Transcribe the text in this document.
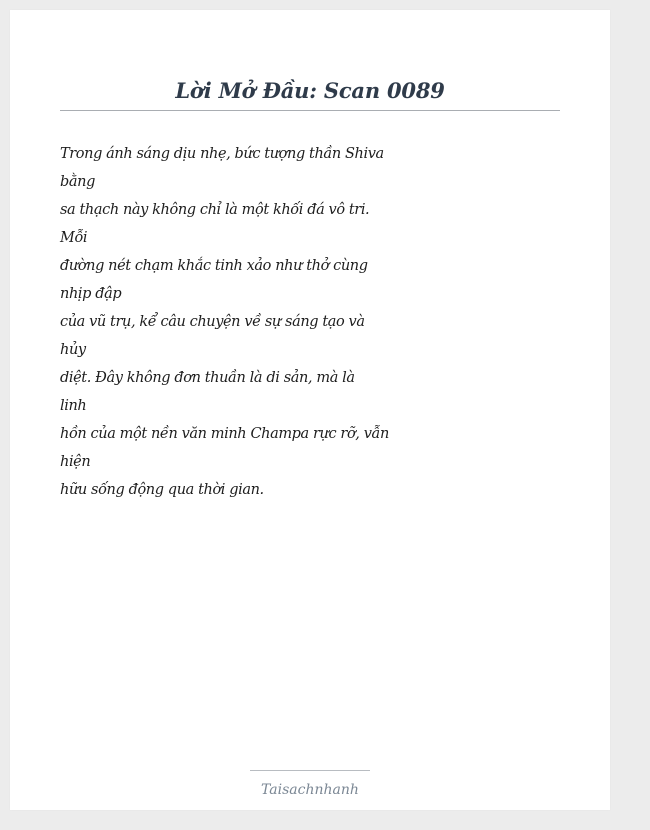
Lời Mở Đầu: Scan 0089
Trong ánh sáng dịu nhẹ, bức tượng thần Shiva
bằng
sa thạch này không chỉ là một khối đá vô tri.
Mỗi
đường nét chạm khắc tinh xảo như thở cùng
nhịp đập
của vũ trụ, kể câu chuyện về sự sáng tạo và
hủy
diệt. Đây không đơn thuần là di sản, mà là
linh
hồn của một nền văn minh Champa rực rỡ, vẫn
hiện
hữu sống động qua thời gian.
Taisachnhanh
